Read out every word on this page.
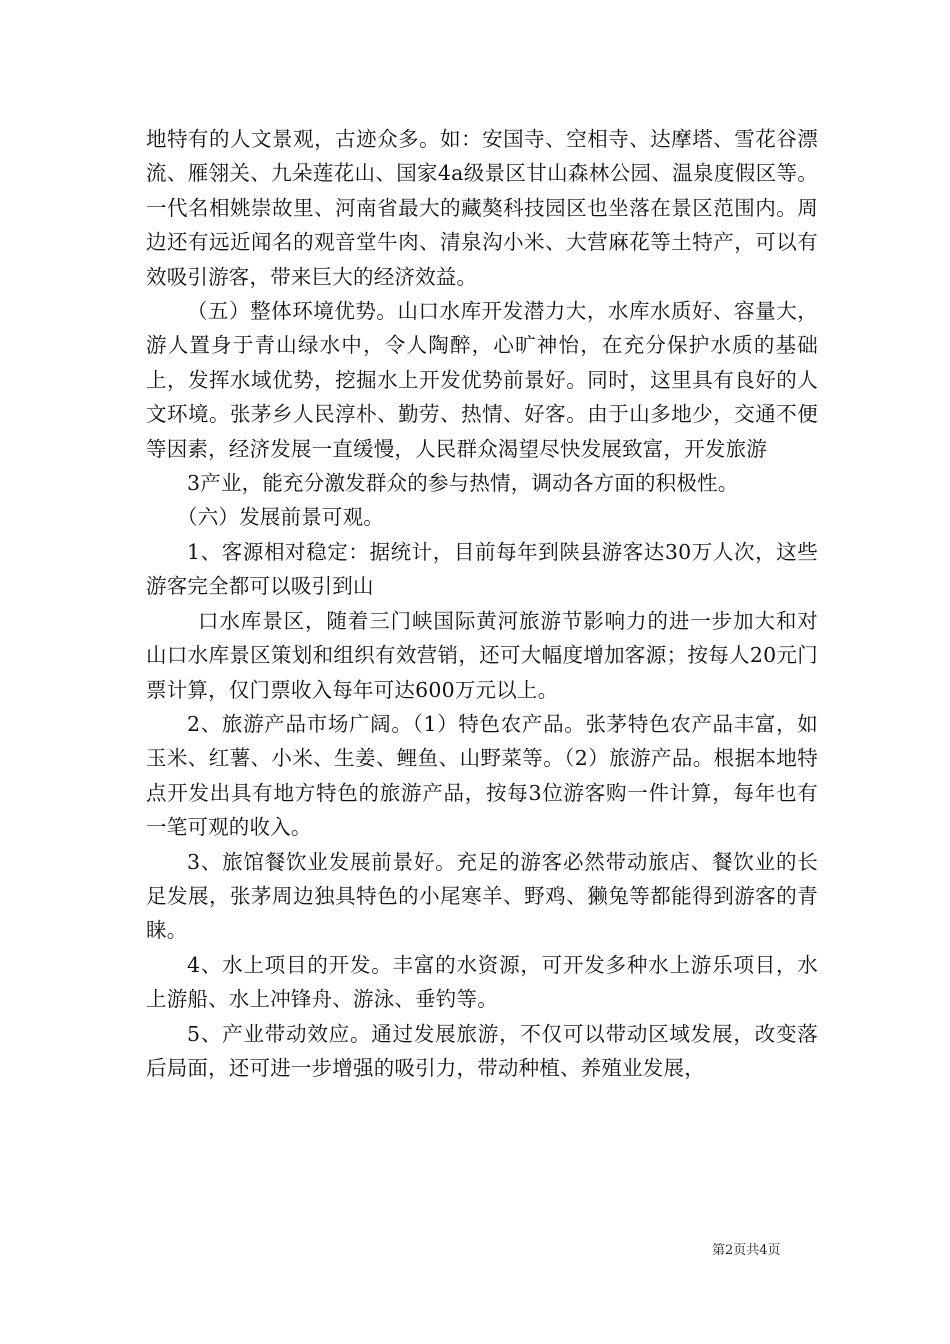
地特有的人文景观，古迹众多。如：安国寺、空相寺、达摩塔、雪花谷漂流、雁翎关、九朵莲花山、国家4a级景区甘山森林公园、温泉度假区等。一代名相姚崇故里、河南省最大的藏獒科技园区也坐落在景区范围内。周边还有远近闻名的观音堂牛肉、清泉沟小米、大营麻花等土特产，可以有效吸引游客，带来巨大的经济效益。

（五）整体环境优势。山口水库开发潜力大，水库水质好、容量大，游人置身于青山绿水中，令人陶醉，心旷神怡，在充分保护水质的基础上，发挥水域优势，挖掘水上开发优势前景好。同时，这里具有良好的人文环境。张茅乡人民淳朴、勤劳、热情、好客。由于山多地少，交通不便等因素，经济发展一直缓慢，人民群众渴望尽快发展致富，开发旅游

3产业，能充分激发群众的参与热情，调动各方面的积极性。

（六）发展前景可观。

1、客源相对稳定：据统计，目前每年到陕县游客达30万人次，这些游客完全都可以吸引到山

口水库景区，随着三门峡国际黄河旅游节影响力的进一步加大和对山口水库景区策划和组织有效营销，还可大幅度增加客源；按每人20元门票计算，仅门票收入每年可达600万元以上。

2、旅游产品市场广阔。（1）特色农产品。张茅特色农产品丰富，如玉米、红薯、小米、生姜、鲤鱼、山野菜等。（2）旅游产品。根据本地特点开发出具有地方特色的旅游产品，按每3位游客购一件计算，每年也有一笔可观的收入。

3、旅馆餐饮业发展前景好。充足的游客必然带动旅店、餐饮业的长足发展，张茅周边独具特色的小尾寒羊、野鸡、獭兔等都能得到游客的青睐。

4、水上项目的开发。丰富的水资源，可开发多种水上游乐项目，水上游船、水上冲锋舟、游泳、垂钓等。

5、产业带动效应。通过发展旅游，不仅可以带动区域发展，改变落后局面，还可进一步增强的吸引力，带动种植、养殖业发展，

第2页共4页
